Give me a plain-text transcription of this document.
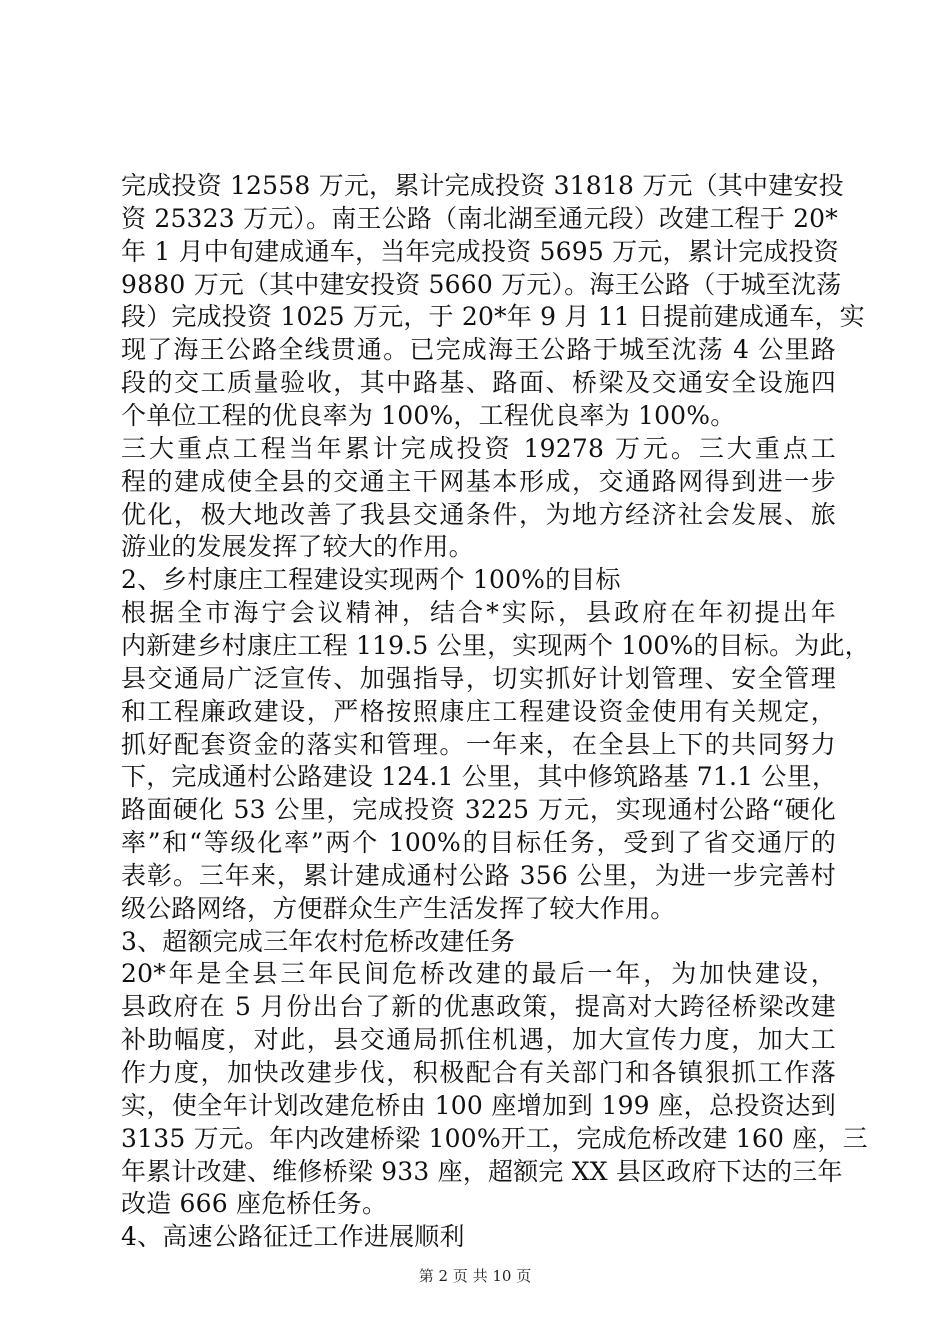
完成投资 12558 万元，累计完成投资 31818 万元（其中建安投
资 25323 万元）。南王公路（南北湖至通元段）改建工程于 20*
年 1 月中旬建成通车，当年完成投资 5695 万元，累计完成投资
9880 万元（其中建安投资 5660 万元）。海王公路（于城至沈荡
段）完成投资 1025 万元，于 20*年 9 月 11 日提前建成通车，实
现了海王公路全线贯通。已完成海王公路于城至沈荡 4 公里路
段的交工质量验收，其中路基、路面、桥梁及交通安全设施四
个单位工程的优良率为 100%，工程优良率为 100%。
三大重点工程当年累计完成投资 19278 万元。三大重点工
程的建成使全县的交通主干网基本形成，交通路网得到进一步
优化，极大地改善了我县交通条件，为地方经济社会发展、旅
游业的发展发挥了较大的作用。
2、乡村康庄工程建设实现两个 100%的目标
根据全市海宁会议精神，结合*实际，县政府在年初提出年
内新建乡村康庄工程 119.5 公里，实现两个 100%的目标。为此，
县交通局广泛宣传、加强指导，切实抓好计划管理、安全管理
和工程廉政建设，严格按照康庄工程建设资金使用有关规定，
抓好配套资金的落实和管理。一年来，在全县上下的共同努力
下，完成通村公路建设 124.1 公里，其中修筑路基 71.1 公里，
路面硬化 53 公里，完成投资 3225 万元，实现通村公路“硬化
率”和“等级化率”两个 100%的目标任务，受到了省交通厅的
表彰。三年来，累计建成通村公路 356 公里，为进一步完善村
级公路网络，方便群众生产生活发挥了较大作用。
3、超额完成三年农村危桥改建任务
20*年是全县三年民间危桥改建的最后一年，为加快建设，
县政府在 5 月份出台了新的优惠政策，提高对大跨径桥梁改建
补助幅度，对此，县交通局抓住机遇，加大宣传力度，加大工
作力度，加快改建步伐，积极配合有关部门和各镇狠抓工作落
实，使全年计划改建危桥由 100 座增加到 199 座，总投资达到
3135 万元。年内改建桥梁 100%开工，完成危桥改建 160 座，三
年累计改建、维修桥梁 933 座，超额完 XX 县区政府下达的三年
改造 666 座危桥任务。
4、高速公路征迁工作进展顺利
第 2 页 共 10 页
